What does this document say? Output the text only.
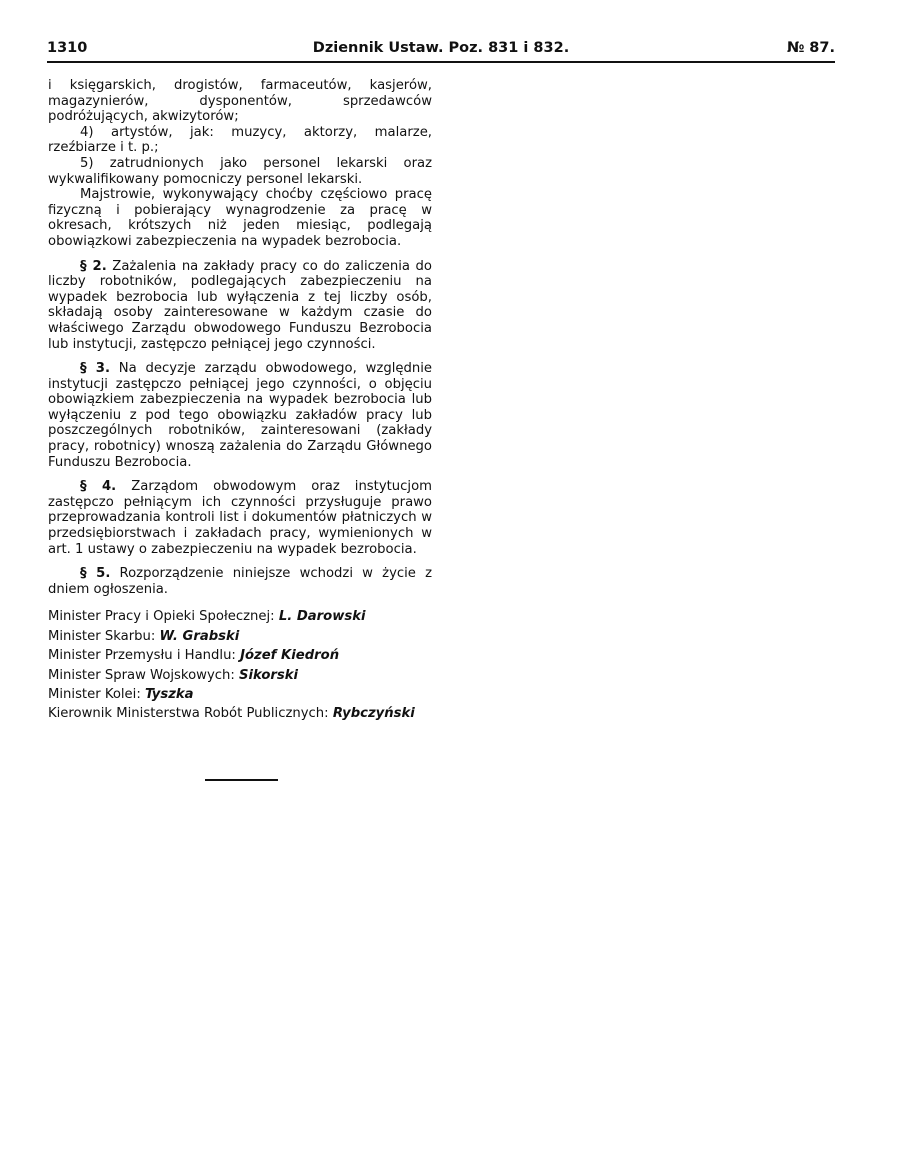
1310	Dziennik Ustaw. Poz. 831 i 832.	№ 87.

i księgarskich, drogistów, farmaceutów, kasjerów, magazynierów, dysponentów, sprzedawców podróżujących, akwizytorów;

4) artystów, jak: muzycy, aktorzy, malarze, rzeźbiarze i t. p.;

5) zatrudnionych jako personel lekarski oraz wykwalifikowany pomocniczy personel lekarski.

Majstrowie, wykonywający choćby częściowo pracę fizyczną i pobierający wynagrodzenie za pracę w okresach, krótszych niż jeden miesiąc, podlegają obowiązkowi zabezpieczenia na wypadek bezrobocia.

§ 2. Zażalenia na zakłady pracy co do zaliczenia do liczby robotników, podlegających zabezpieczeniu na wypadek bezrobocia lub wyłączenia z tej liczby osób, składają osoby zainteresowane w każdym czasie do właściwego Zarządu obwodowego Funduszu Bezrobocia lub instytucji, zastępczo pełniącej jego czynności.

§ 3. Na decyzje zarządu obwodowego, względnie instytucji zastępczo pełniącej jego czynności, o objęciu obowiązkiem zabezpieczenia na wypadek bezrobocia lub wyłączeniu z pod tego obowiązku zakładów pracy lub poszczególnych robotników, zainteresowani (zakłady pracy, robotnicy) wnoszą zażalenia do Zarządu Głównego Funduszu Bezrobocia.

§ 4. Zarządom obwodowym oraz instytucjom zastępczo pełniącym ich czynności przysługuje prawo przeprowadzania kontroli list i dokumentów płatniczych w przedsiębiorstwach i zakładach pracy, wymienionych w art. 1 ustawy o zabezpieczeniu na wypadek bezrobocia.

§ 5. Rozporządzenie niniejsze wchodzi w życie z dniem ogłoszenia.

Minister Pracy i Opieki Społecznej: L. Darowski

Minister Skarbu: W. Grabski

Minister Przemysłu i Handlu: Józef Kiedroń

Minister Spraw Wojskowych: Sikorski

Minister Kolei: Tyszka

Kierownik Ministerstwa Robót Publicznych: Rybczyński
